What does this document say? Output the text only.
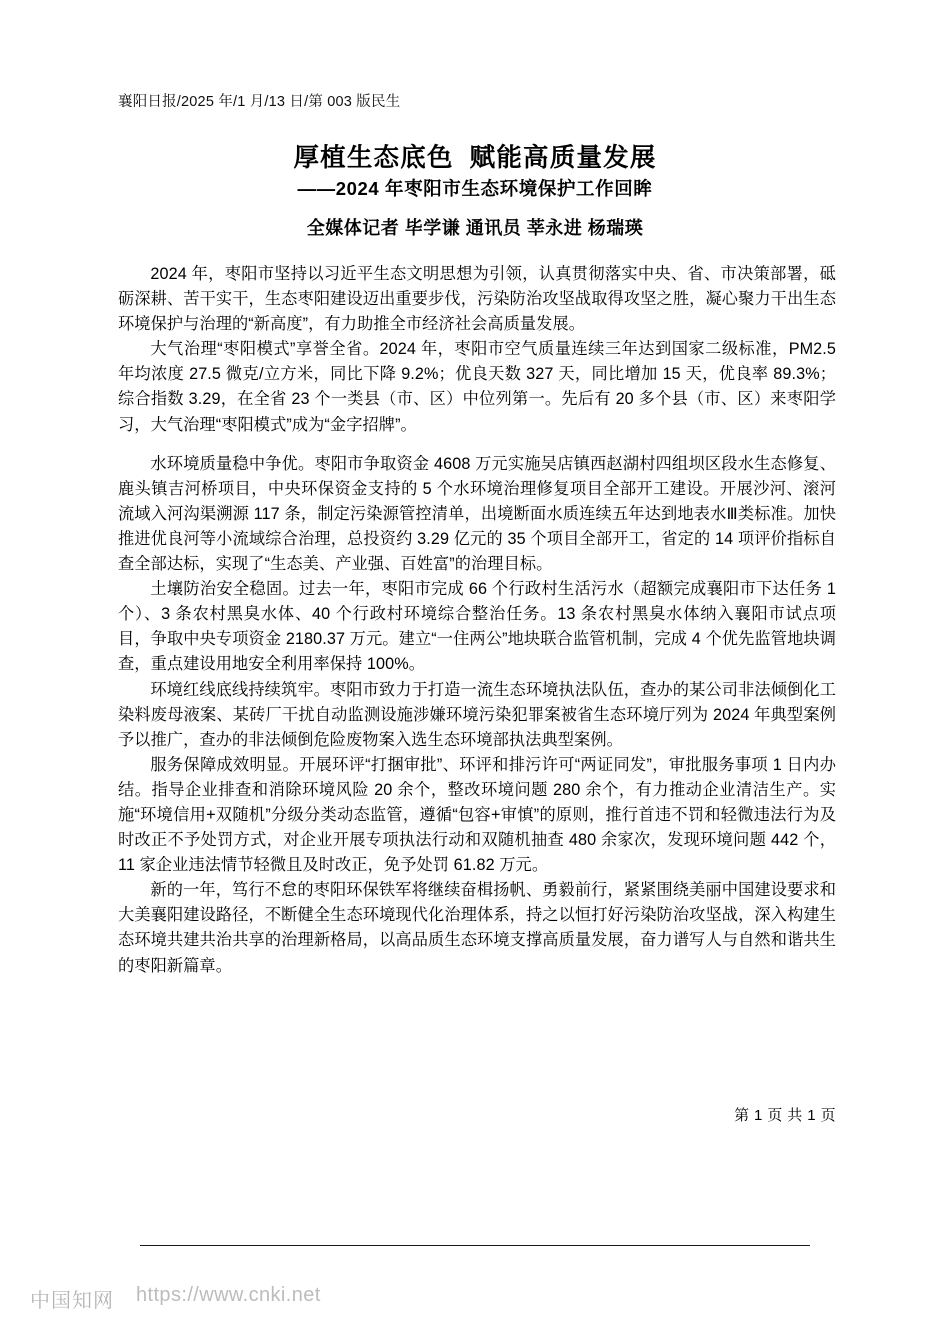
襄阳日报/2025 年/1 月/13 日/第 003 版民生
厚植生态底色 赋能高质量发展
——2024 年枣阳市生态环境保护工作回眸
全媒体记者 毕学谦 通讯员 莘永进 杨瑞瑛

2024 年，枣阳市坚持以习近平生态文明思想为引领，认真贯彻落实中央、省、市决策部署，砥砺深耕、苦干实干，生态枣阳建设迈出重要步伐，污染防治攻坚战取得攻坚之胜，凝心聚力干出生态环境保护与治理的“新高度”，有力助推全市经济社会高质量发展。

大气治理“枣阳模式”享誉全省。2024 年，枣阳市空气质量连续三年达到国家二级标准，PM2.5 年均浓度 27.5 微克/立方米，同比下降 9.2%；优良天数 327 天，同比增加 15 天，优良率 89.3%；综合指数 3.29，在全省 23 个一类县（市、区）中位列第一。先后有 20 多个县（市、区）来枣阳学习，大气治理“枣阳模式”成为“金字招牌”。

水环境质量稳中争优。枣阳市争取资金 4608 万元实施吴店镇西赵湖村四组坝区段水生态修复、鹿头镇吉河桥项目，中央环保资金支持的 5 个水环境治理修复项目全部开工建设。开展沙河、滚河流域入河沟渠溯源 117 条，制定污染源管控清单，出境断面水质连续五年达到地表水Ⅲ类标准。加快推进优良河等小流域综合治理，总投资约 3.29 亿元的 35 个项目全部开工，省定的 14 项评价指标自查全部达标，实现了“生态美、产业强、百姓富”的治理目标。

土壤防治安全稳固。过去一年，枣阳市完成 66 个行政村生活污水（超额完成襄阳市下达任务 1 个）、3 条农村黑臭水体、40 个行政村环境综合整治任务。13 条农村黑臭水体纳入襄阳市试点项目，争取中央专项资金 2180.37 万元。建立“一住两公”地块联合监管机制，完成 4 个优先监管地块调查，重点建设用地安全利用率保持 100%。

环境红线底线持续筑牢。枣阳市致力于打造一流生态环境执法队伍，查办的某公司非法倾倒化工染料废母液案、某砖厂干扰自动监测设施涉嫌环境污染犯罪案被省生态环境厅列为 2024 年典型案例予以推广，查办的非法倾倒危险废物案入选生态环境部执法典型案例。

服务保障成效明显。开展环评“打捆审批”、环评和排污许可“两证同发”，审批服务事项 1 日内办结。指导企业排查和消除环境风险 20 余个，整改环境问题 280 余个，有力推动企业清洁生产。实施“环境信用+双随机”分级分类动态监管，遵循“包容+审慎”的原则，推行首违不罚和轻微违法行为及时改正不予处罚方式，对企业开展专项执法行动和双随机抽查 480 余家次，发现环境问题 442 个，11 家企业违法情节轻微且及时改正，免予处罚 61.82 万元。

新的一年，笃行不怠的枣阳环保铁军将继续奋楫扬帆、勇毅前行，紧紧围绕美丽中国建设要求和大美襄阳建设路径，不断健全生态环境现代化治理体系，持之以恒打好污染防治攻坚战，深入构建生态环境共建共治共享的治理新格局，以高品质生态环境支撑高质量发展，奋力谱写人与自然和谐共生的枣阳新篇章。

第 1 页 共 1 页
中国知网 https://www.cnki.net
